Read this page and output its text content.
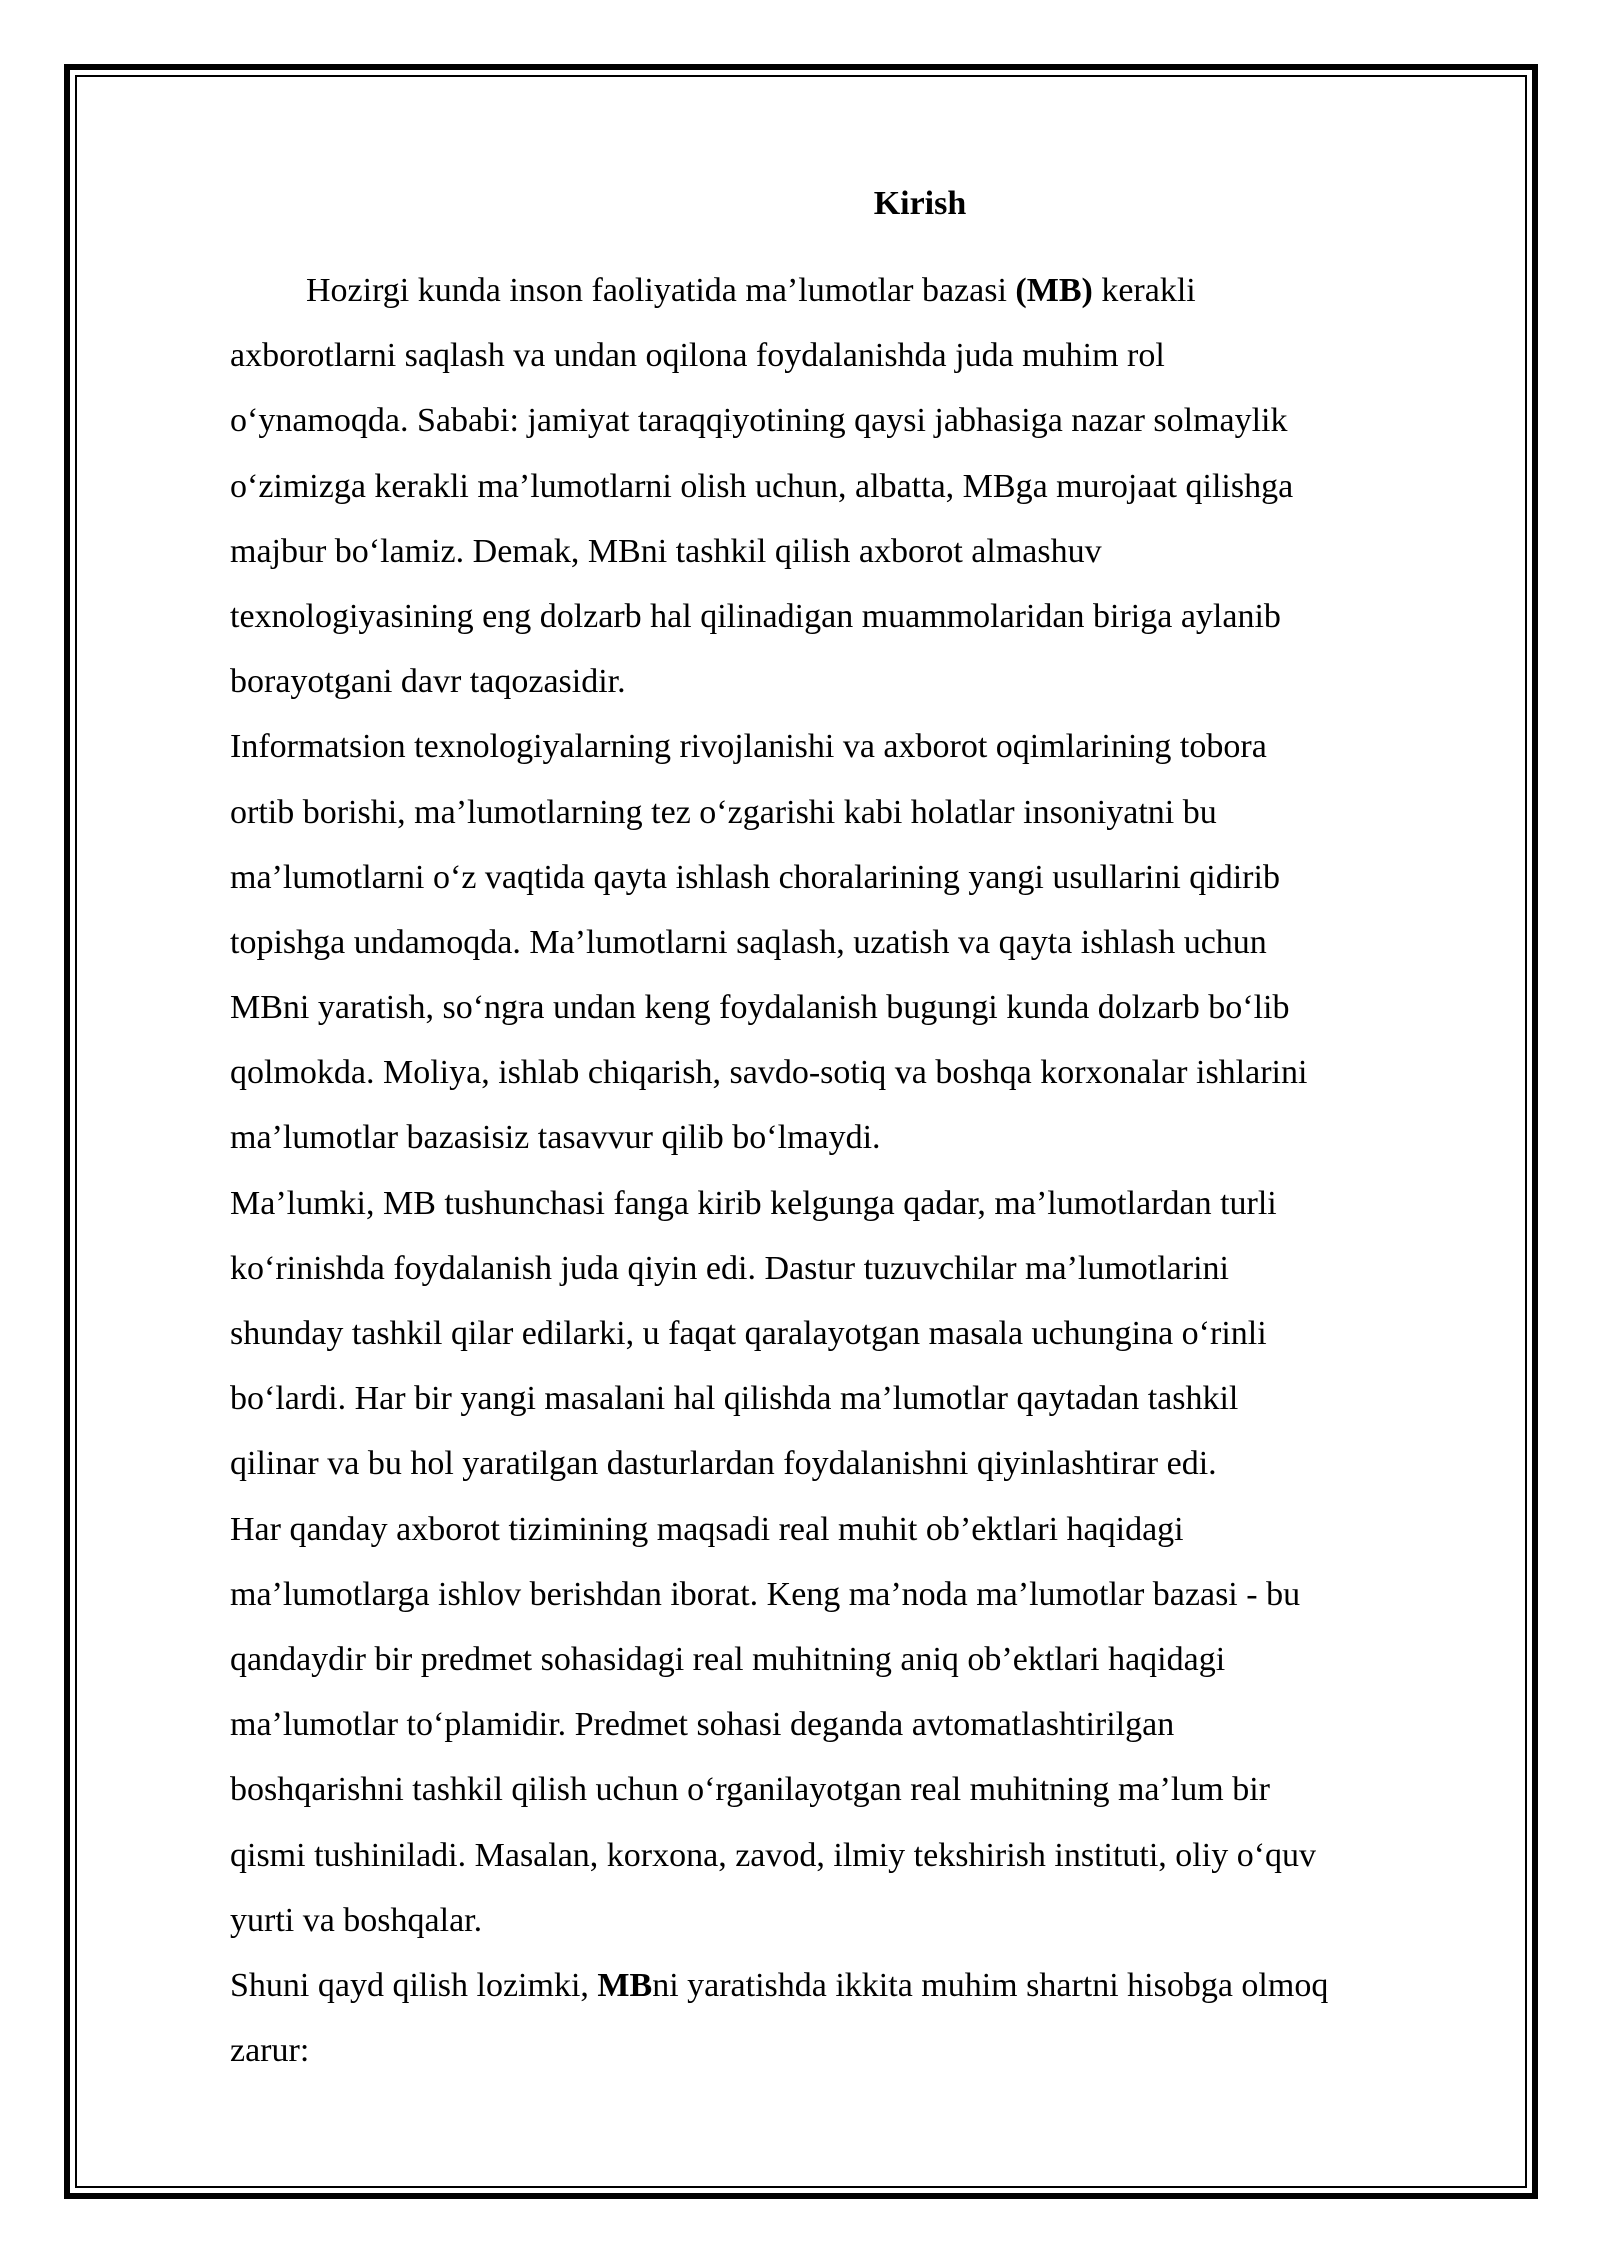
Kirish
Hozirgi kunda inson faoliyatida ma’lumotlar bazasi (MB) kerakli
axborotlarni saqlash va undan oqilona foydalanishda juda muhim rol
o‘ynamoqda. Sababi: jamiyat taraqqiyotining qaysi jabhasiga nazar solmaylik
o‘zimizga kerakli ma’lumotlarni olish uchun, albatta, MBga murojaat qilishga
majbur bo‘lamiz. Demak, MBni tashkil qilish axborot almashuv
texnologiyasining eng dolzarb hal qilinadigan muammolaridan biriga aylanib
borayotgani davr taqozasidir.
Informatsion texnologiyalarning rivojlanishi va axborot oqimlarining tobora
ortib borishi, ma’lumotlarning tez o‘zgarishi kabi holatlar insoniyatni bu
ma’lumotlarni o‘z vaqtida qayta ishlash choralarining yangi usullarini qidirib
topishga undamoqda. Ma’lumotlarni saqlash, uzatish va qayta ishlash uchun
MBni yaratish, so‘ngra undan keng foydalanish bugungi kunda dolzarb bo‘lib
qolmokda. Moliya, ishlab chiqarish, savdo-sotiq va boshqa korxonalar ishlarini
ma’lumotlar bazasisiz tasavvur qilib bo‘lmaydi.
Ma’lumki, MB tushunchasi fanga kirib kelgunga qadar, ma’lumotlardan turli
ko‘rinishda foydalanish juda qiyin edi. Dastur tuzuvchilar ma’lumotlarini
shunday tashkil qilar edilarki, u faqat qaralayotgan masala uchungina o‘rinli
bo‘lardi. Har bir yangi masalani hal qilishda ma’lumotlar qaytadan tashkil
qilinar va bu hol yaratilgan dasturlardan foydalanishni qiyinlashtirar edi.
Har qanday axborot tizimining maqsadi real muhit ob’ektlari haqidagi
ma’lumotlarga ishlov berishdan iborat. Keng ma’noda ma’lumotlar bazasi - bu
qandaydir bir predmet sohasidagi real muhitning aniq ob’ektlari haqidagi
ma’lumotlar to‘plamidir. Predmet sohasi deganda avtomatlashtirilgan
boshqarishni tashkil qilish uchun o‘rganilayotgan real muhitning ma’lum bir
qismi tushiniladi. Masalan, korxona, zavod, ilmiy tekshirish instituti, oliy o‘quv
yurti va boshqalar.
Shuni qayd qilish lozimki, MBni yaratishda ikkita muhim shartni hisobga olmoq
zarur:
